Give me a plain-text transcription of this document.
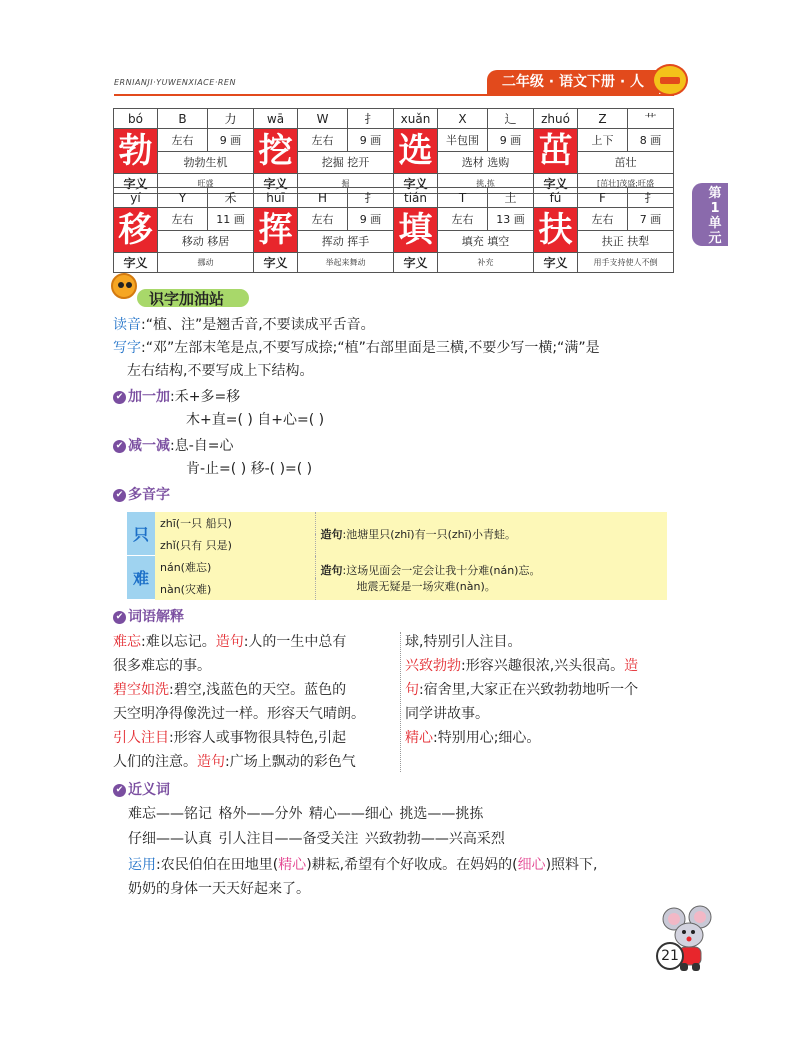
ERNIANJI·YUWENXIACE·REN	二年级 · 语文下册 · 人
第
1
单
元
bó	B	力	wā	W	扌	xuǎn	X	辶	zhuó	Z	艹
勃	左右	9 画	挖	左右	9 画	选	半包围	9 画	茁	上下	8 画
	勃勃生机			挖掘 挖开			选材 选购			茁壮	
字义	旺盛		字义	掘		字义	挑,拣		字义	[茁壮]茂盛;旺盛	
yí	Y	禾	huī	H	扌	tián	T	土	fú	F	扌
移	左右	11 画	挥	左右	9 画	填	左右	13 画	扶	左右	7 画
	移动 移居			挥动 挥手			填充 填空			扶正 扶犁	
字义	挪动		字义	举起来舞动		字义	补充		字义	用手支持使人不倒	
识字加油站
读音:“植、注”是翘舌音,不要读成平舌音。
写字:“邓”左部末笔是点,不要写成捺;“植”右部里面是三横,不要少写一横;“满”是
左右结构,不要写成上下结构。
✔ 加一加 :禾+多=移
木+直=( ) 自+心=( )
✔ 减一减 :息-自=心
肯-止=( ) 移-( )=( )
✔ 多音字
只	zhī(一只 船只)	造句:池塘里只(zhī)有一只(zhī)小青蛙。
	zhǐ(只有 只是)	
难	nán(难忘)	造句:这场见面会一定会让我十分难(nán)忘。
地震无疑是一场灾难(nàn)。
	nàn(灾难)	
✔ 词语解释
难忘:难以忘记。造句:人的一生中总有
很多难忘的事。
碧空如洗:碧空,浅蓝色的天空。蓝色的
天空明净得像洗过一样。形容天气晴朗。
引人注目:形容人或事物很具特色,引起
人们的注意。造句:广场上飘动的彩色气
球,特别引人注目。
兴致勃勃:形容兴趣很浓,兴头很高。造
句:宿舍里,大家正在兴致勃勃地听一个
同学讲故事。
精心:特别用心;细心。
✔ 近义词
难忘——铭记 格外——分外 精心——细心 挑选——挑拣
仔细——认真 引人注目——备受关注 兴致勃勃——兴高采烈
运用:农民伯伯在田地里(精心)耕耘,希望有个好收成。在妈妈的(细心)照料下,
奶奶的身体一天天好起来了。
21
